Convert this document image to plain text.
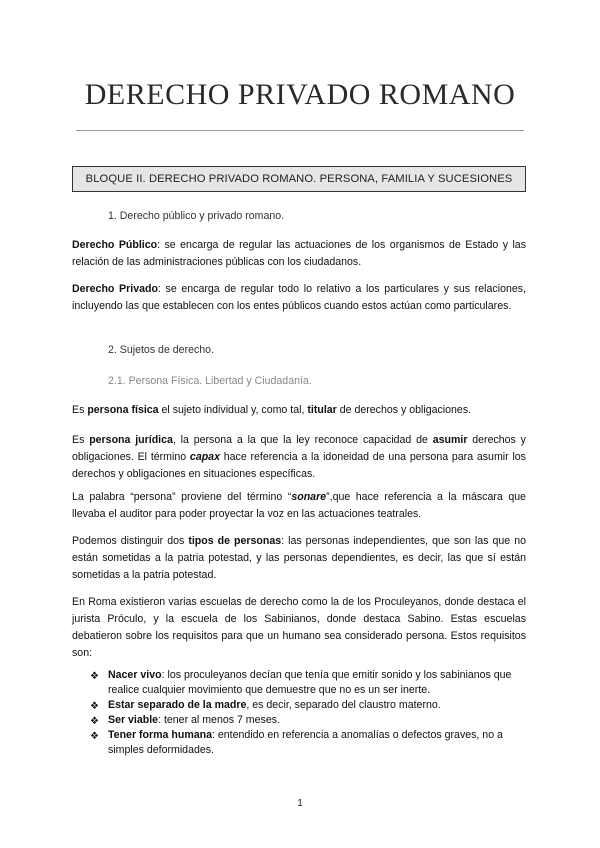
DERECHO PRIVADO ROMANO
BLOQUE II. DERECHO PRIVADO ROMANO. PERSONA, FAMILIA Y SUCESIONES
1. Derecho público y privado romano.
Derecho Público: se encarga de regular las actuaciones de los organismos de Estado y las relación de las administraciones públicas con los ciudadanos.
Derecho Privado: se encarga de regular todo lo relativo a los particulares y sus relaciones, incluyendo las que establecen con los entes públicos cuando estos actúan como particulares.
2. Sujetos de derecho.
2.1. Persona Física. Libertad y Ciudadanía.
Es persona física el sujeto individual y, como tal, titular de derechos y obligaciones.
Es persona jurídica, la persona a la que la ley reconoce capacidad de asumir derechos y obligaciones. El término capax hace referencia a la idoneidad de una persona para asumir los derechos y obligaciones en situaciones específicas.
La palabra “persona” proviene del término “sonare”,que hace referencia a la máscara que llevaba el auditor para poder proyectar la voz en las actuaciones teatrales.
Podemos distinguir dos tipos de personas: las personas independientes, que son las que no están sometidas a la patria potestad, y las personas dependientes, es decir, las que sí están sometidas a la patria potestad.
En Roma existieron varias escuelas de derecho como la de los Proculeyanos, donde destaca el jurista Próculo, y la escuela de los Sabinianos, donde destaca Sabino. Estas escuelas debatieron sobre los requisitos para que un humano sea considerado persona. Estos requisitos son:
❖ Nacer vivo: los proculeyanos decían que tenía que emitir sonido y los sabinianos que realice cualquier movimiento que demuestre que no es un ser inerte.
❖ Estar separado de la madre, es decir, separado del claustro materno.
❖ Ser viable: tener al menos 7 meses.
❖ Tener forma humana: entendido en referencia a anomalías o defectos graves, no a simples deformidades.
1
